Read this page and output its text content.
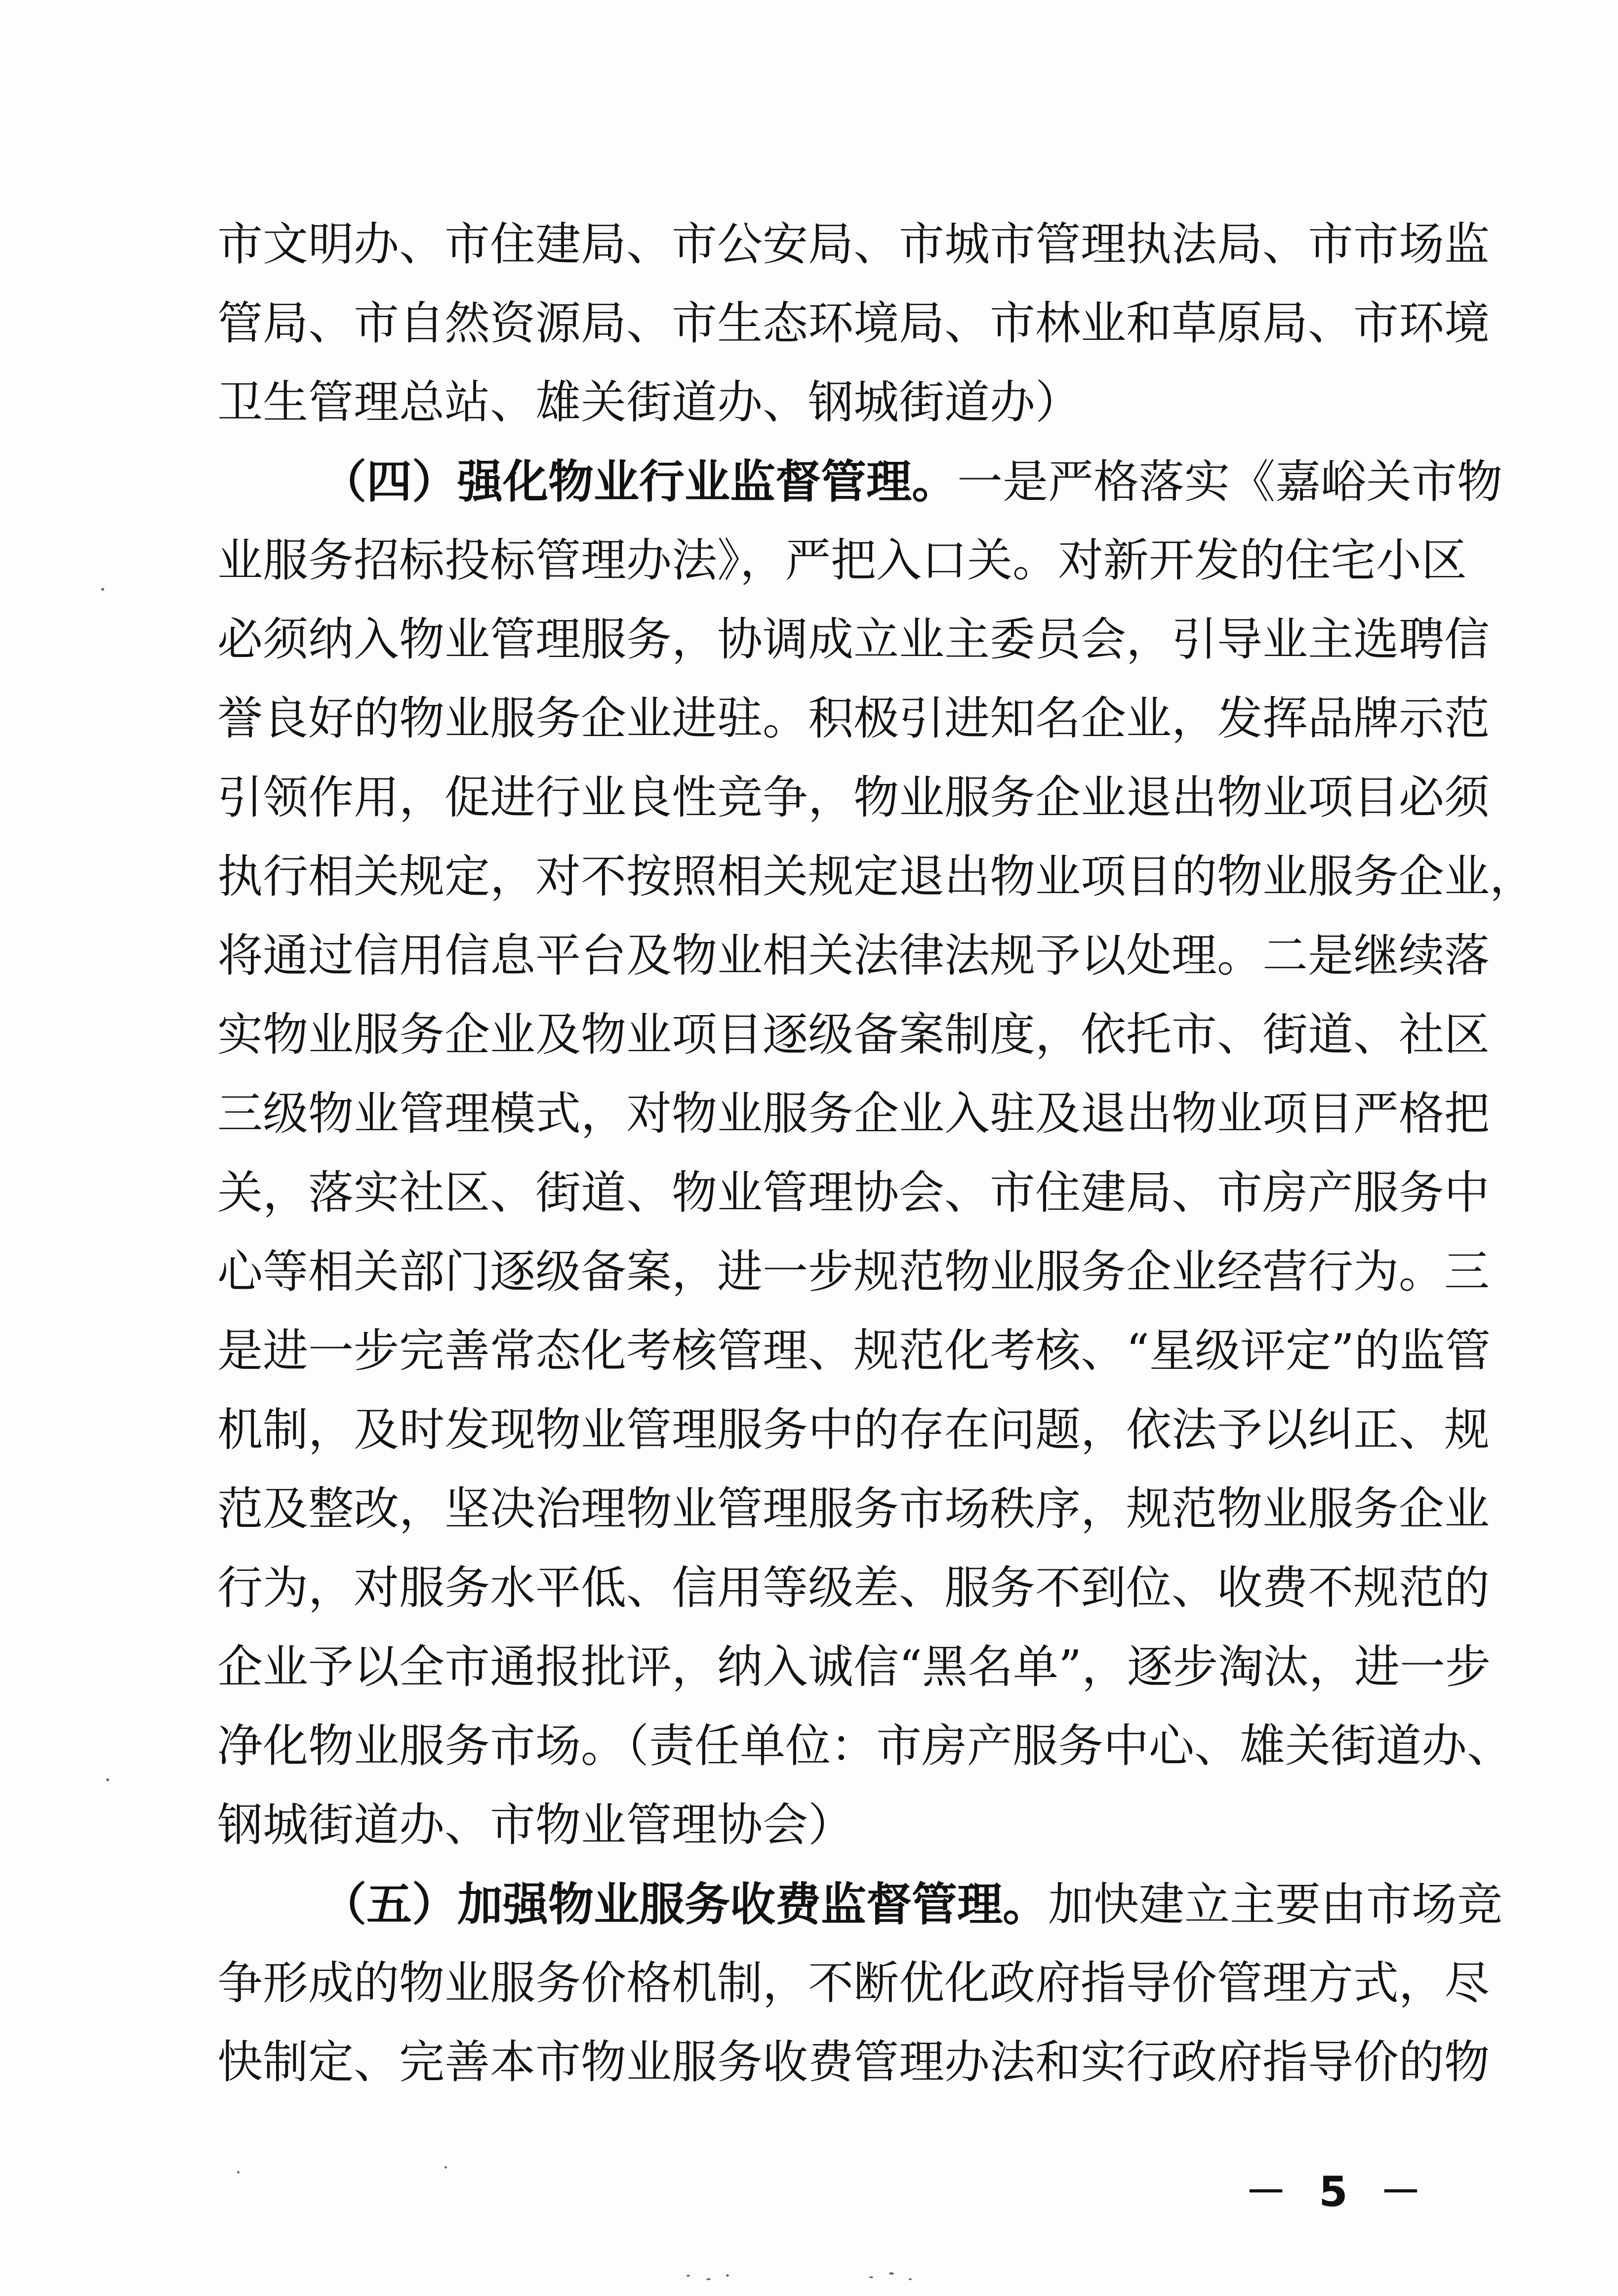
市文明办、市住建局、市公安局、市城市管理执法局、市市场监
管局、市自然资源局、市生态环境局、市林业和草原局、市环境
卫生管理总站、雄关街道办、钢城街道办）
（四）强化物业行业监督管理。一是严格落实《嘉峪关市物
业服务招标投标管理办法》，严把入口关。对新开发的住宅小区
必须纳入物业管理服务，协调成立业主委员会，引导业主选聘信
誉良好的物业服务企业进驻。积极引进知名企业，发挥品牌示范
引领作用，促进行业良性竞争，物业服务企业退出物业项目必须
执行相关规定，对不按照相关规定退出物业项目的物业服务企业，
将通过信用信息平台及物业相关法律法规予以处理。二是继续落
实物业服务企业及物业项目逐级备案制度，依托市、街道、社区
三级物业管理模式，对物业服务企业入驻及退出物业项目严格把
关，落实社区、街道、物业管理协会、市住建局、市房产服务中
心等相关部门逐级备案，进一步规范物业服务企业经营行为。三
是进一步完善常态化考核管理、规范化考核、“星级评定”的监管
机制，及时发现物业管理服务中的存在问题，依法予以纠正、规
范及整改，坚决治理物业管理服务市场秩序，规范物业服务企业
行为，对服务水平低、信用等级差、服务不到位、收费不规范的
企业予以全市通报批评，纳入诚信“黑名单”，逐步淘汰，进一步
净化物业服务市场。（责任单位：市房产服务中心、雄关街道办、
钢城街道办、市物业管理协会）
（五）加强物业服务收费监督管理。加快建立主要由市场竞
争形成的物业服务价格机制，不断优化政府指导价管理方式，尽
快制定、完善本市物业服务收费管理办法和实行政府指导价的物
－ 5 －
